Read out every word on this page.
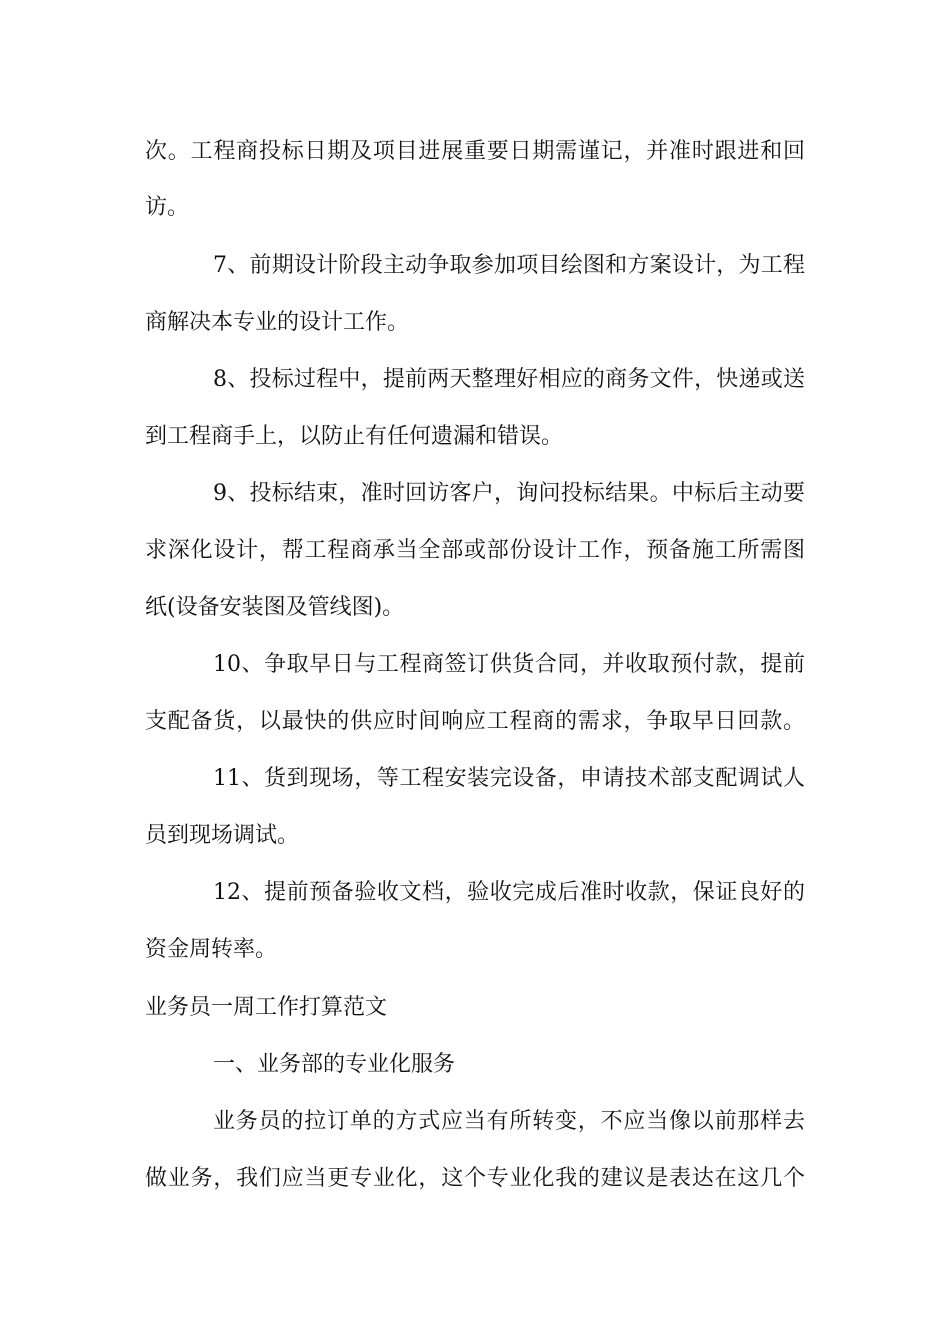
次。工程商投标日期及项目进展重要日期需谨记，并准时跟进和回
访。
7、前期设计阶段主动争取参加项目绘图和方案设计，为工程
商解决本专业的设计工作。
8、投标过程中，提前两天整理好相应的商务文件，快递或送
到工程商手上，以防止有任何遗漏和错误。
9、投标结束，准时回访客户，询问投标结果。中标后主动要
求深化设计，帮工程商承当全部或部份设计工作，预备施工所需图
纸(设备安装图及管线图)。
10、争取早日与工程商签订供货合同，并收取预付款，提前
支配备货，以最快的供应时间响应工程商的需求，争取早日回款。
11、货到现场，等工程安装完设备，申请技术部支配调试人
员到现场调试。
12、提前预备验收文档，验收完成后准时收款，保证良好的
资金周转率。
业务员一周工作打算范文
一、业务部的专业化服务
业务员的拉订单的方式应当有所转变，不应当像以前那样去
做业务，我们应当更专业化，这个专业化我的建议是表达在这几个
